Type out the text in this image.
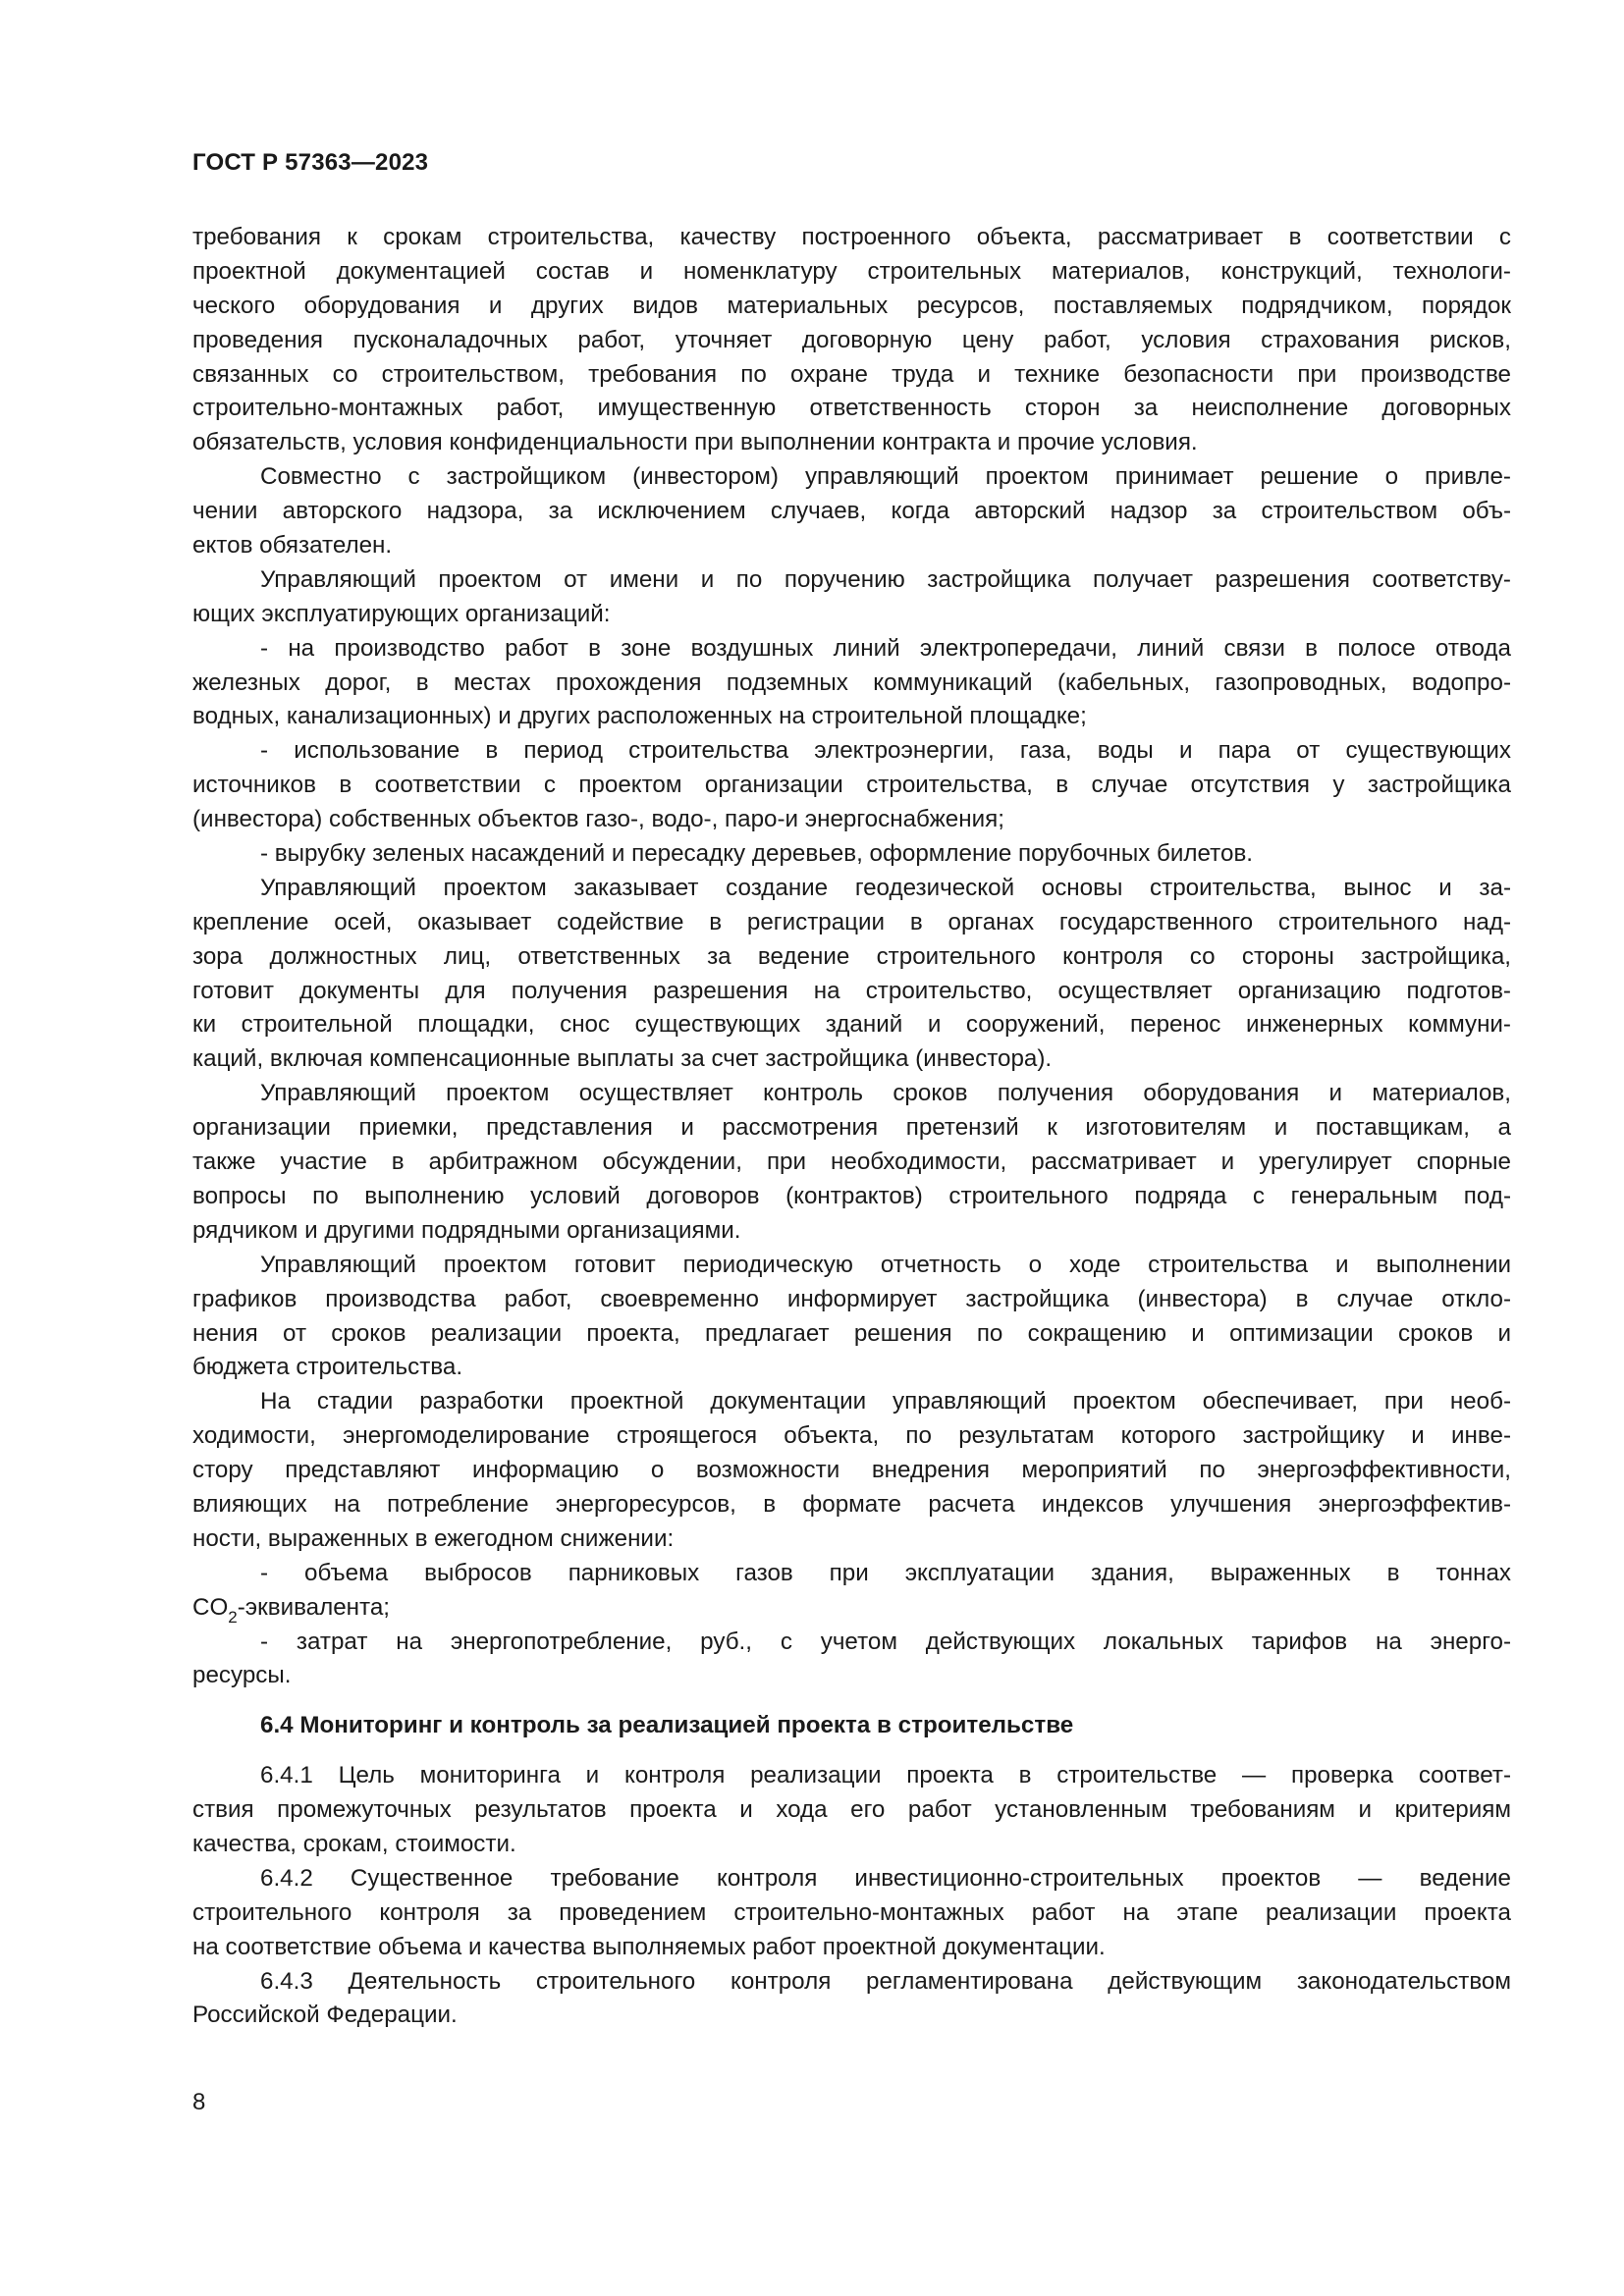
ГОСТ Р 57363—2023
требования к срокам строительства, качеству построенного объекта, рассматривает в соответствии с
проектной документацией состав и номенклатуру строительных материалов, конструкций, технологи-
ческого оборудования и других видов материальных ресурсов, поставляемых подрядчиком, порядок
проведения пусконаладочных работ, уточняет договорную цену работ, условия страхования рисков,
связанных со строительством, требования по охране труда и технике безопасности при производстве
строительно-монтажных работ, имущественную ответственность сторон за неисполнение договорных
обязательств, условия конфиденциальности при выполнении контракта и прочие условия.
Совместно с застройщиком (инвестором) управляющий проектом принимает решение о привле-
чении авторского надзора, за исключением случаев, когда авторский надзор за строительством объ-
ектов обязателен.
Управляющий проектом от имени и по поручению застройщика получает разрешения соответству-
ющих эксплуатирующих организаций:
- на производство работ в зоне воздушных линий электропередачи, линий связи в полосе отвода
железных дорог, в местах прохождения подземных коммуникаций (кабельных, газопроводных, водопро-
водных, канализационных) и других расположенных на строительной площадке;
- использование в период строительства электроэнергии, газа, воды и пара от существующих
источников в соответствии с проектом организации строительства, в случае отсутствия у застройщика
(инвестора) собственных объектов газо-, водо-, паро-и энергоснабжения;
- вырубку зеленых насаждений и пересадку деревьев, оформление порубочных билетов.
Управляющий проектом заказывает создание геодезической основы строительства, вынос и за-
крепление осей, оказывает содействие в регистрации в органах государственного строительного над-
зора должностных лиц, ответственных за ведение строительного контроля со стороны застройщика,
готовит документы для получения разрешения на строительство, осуществляет организацию подготов-
ки строительной площадки, снос существующих зданий и сооружений, перенос инженерных коммуни-
каций, включая компенсационные выплаты за счет застройщика (инвестора).
Управляющий проектом осуществляет контроль сроков получения оборудования и материалов,
организации приемки, представления и рассмотрения претензий к изготовителям и поставщикам, а
также участие в арбитражном обсуждении, при необходимости, рассматривает и урегулирует спорные
вопросы по выполнению условий договоров (контрактов) строительного подряда с генеральным под-
рядчиком и другими подрядными организациями.
Управляющий проектом готовит периодическую отчетность о ходе строительства и выполнении
графиков производства работ, своевременно информирует застройщика (инвестора) в случае откло-
нения от сроков реализации проекта, предлагает решения по сокращению и оптимизации сроков и
бюджета строительства.
На стадии разработки проектной документации управляющий проектом обеспечивает, при необ-
ходимости, энергомоделирование строящегося объекта, по результатам которого застройщику и инве-
стору представляют информацию о возможности внедрения мероприятий по энергоэффективности,
влияющих на потребление энергоресурсов, в формате расчета индексов улучшения энергоэффектив-
ности, выраженных в ежегодном снижении:
- объема выбросов парниковых газов при эксплуатации здания, выраженных в тоннах
$CO_2$-эквивалента;
- затрат на энергопотребление, руб., с учетом действующих локальных тарифов на энерго-
ресурсы.
6.4 Мониторинг и контроль за реализацией проекта в строительстве
6.4.1 Цель мониторинга и контроля реализации проекта в строительстве — проверка соответ-
ствия промежуточных результатов проекта и хода его работ установленным требованиям и критериям
качества, срокам, стоимости.
6.4.2 Существенное требование контроля инвестиционно-строительных проектов — ведение
строительного контроля за проведением строительно-монтажных работ на этапе реализации проекта
на соответствие объема и качества выполняемых работ проектной документации.
6.4.3 Деятельность строительного контроля регламентирована действующим законодательством
Российской Федерации.
8
